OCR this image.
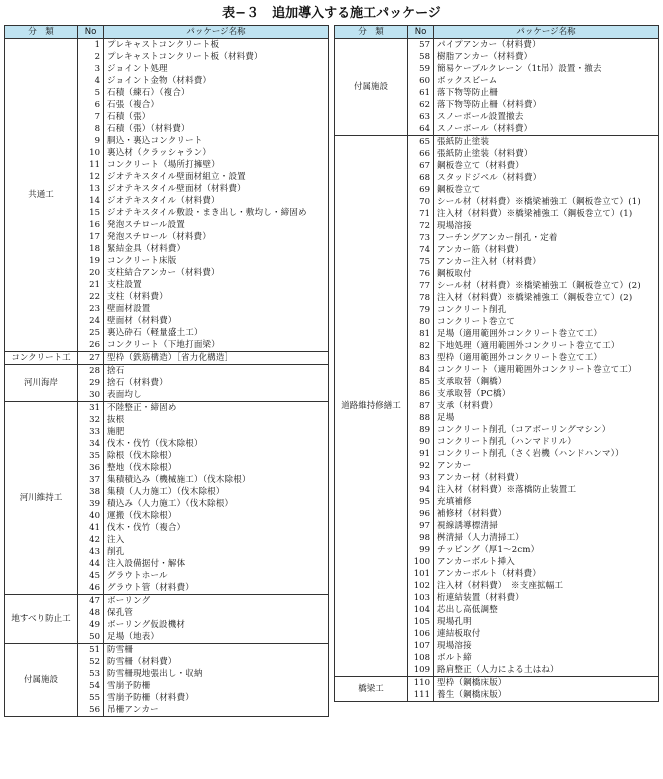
表−３　追加導入する施工パッケージ
分　類	No	パッケージ名称
共通工	1	プレキャストコンクリート板
	2	プレキャストコンクリート板（材料費）
	3	ジョイント処理
	4	ジョイント金物（材料費）
	5	石積（練石）（複合）
	6	石張（複合）
	7	石積（張）
	8	石積（張）（材料費）
	9	胴込・裏込コンクリート
	10	裏込材（クラッシャラン）
	11	コンクリート（場所打擁壁）
	12	ジオテキスタイル壁面材組立・設置
	13	ジオテキスタイル壁面材（材料費）
	14	ジオテキスタイル（材料費）
	15	ジオテキスタイル敷設・まき出し・敷均し・締固め
	16	発泡スチロール設置
	17	発泡スチロール（材料費）
	18	緊結金具（材料費）
	19	コンクリート床版
	20	支柱結合アンカー（材料費）
	21	支柱設置
	22	支柱（材料費）
	23	壁面材設置
	24	壁面材（材料費）
	25	裏込砕石（軽量盛土工）
	26	コンクリート（下地打面梁）
コンクリート工	27	型枠（鉄筋構造）［省力化構造］
河川海岸	28	捨石
	29	捨石（材料費）
	30	表面均し
河川維持工	31	不陸整正・締固め
	32	抜根
	33	施肥
	34	伐木・伐竹（伐木除根）
	35	除根（伐木除根）
	36	整地（伐木除根）
	37	集積積込み（機械施工）（伐木除根）
	38	集積（人力施工）（伐木除根）
	39	積込み（人力施工）（伐木除根）
	40	運搬（伐木除根）
	41	伐木・伐竹（複合）
	42	注入
	43	削孔
	44	注入設備据付・解体
	45	グラウトホール
	46	グラウト管（材料費）
地すべり防止工	47	ボーリング
	48	保孔管
	49	ボーリング仮設機材
	50	足場（地表）
付属施設	51	防雪柵
	52	防雪柵（材料費）
	53	防雪柵現地張出し・収納
	54	雪崩予防柵
	55	雪崩予防柵（材料費）
	56	吊柵アンカー
分　類	No	パッケージ名称
付属施設	57	パイプアンカー（材料費）
	58	樹脂アンカー（材料費）
	59	簡易ケーブルクレーン（1t吊）設置・撤去
	60	ボックスビーム
	61	落下物等防止柵
	62	落下物等防止柵（材料費）
	63	スノーポール設置撤去
	64	スノーポール（材料費）
道路維持修繕工	65	張紙防止塗装
	66	張紙防止塗装（材料費）
	67	鋼板巻立て（材料費）
	68	スタッドジベル（材料費）
	69	鋼板巻立て
	70	シール材（材料費）※橋梁補強工（鋼板巻立て）(1)
	71	注入材（材料費）※橋梁補強工（鋼板巻立て）(1)
	72	現場溶接
	73	フーチングアンカー削孔・定着
	74	アンカー筋（材料費）
	75	アンカー注入材（材料費）
	76	鋼板取付
	77	シール材（材料費）※橋梁補強工（鋼板巻立て）(2)
	78	注入材（材料費）※橋梁補強工（鋼板巻立て）(2)
	79	コンクリート削孔
	80	コンクリート巻立て
	81	足場（適用範囲外コンクリート巻立て工）
	82	下地処理（適用範囲外コンクリート巻立て工）
	83	型枠（適用範囲外コンクリート巻立て工）
	84	コンクリート（適用範囲外コンクリート巻立て工）
	85	支承取替（鋼橋）
	86	支承取替（PC橋）
	87	支承（材料費）
	88	足場
	89	コンクリート削孔（コアボーリングマシン）
	90	コンクリート削孔（ハンマドリル）
	91	コンクリート削孔（さく岩機（ハンドハンマ））
	92	アンカー
	93	アンカー材（材料費）
	94	注入材（材料費）※落橋防止装置工
	95	充填補修
	96	補修材（材料費）
	97	視線誘導標清掃
	98	桝清掃（人力清掃工）
	99	チッピング（厚1〜2cm）
	100	アンカーボルト挿入
	101	アンカーボルト（材料費）
	102	注入材（材料費）　※支座拡幅工
	103	桁連結装置（材料費）
	104	芯出し高低調整
	105	現場孔明
	106	連結板取付
	107	現場溶接
	108	ボルト締
	109	路肩整正（人力による土はね）
橋梁工	110	型枠（鋼橋床版）
	111	養生（鋼橋床版）
